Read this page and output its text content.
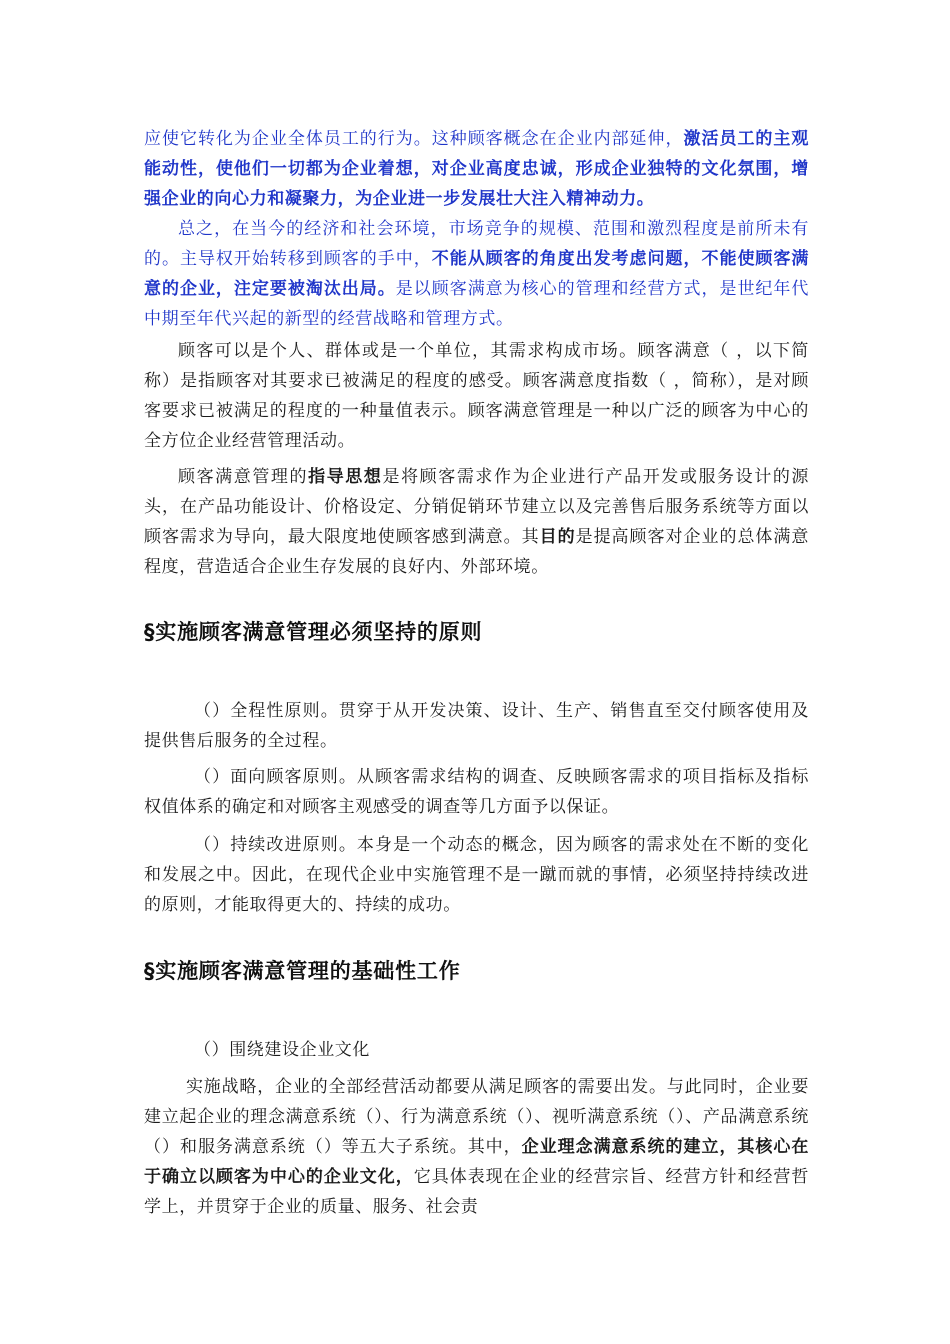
应使它转化为企业全体员工的行为。这种顾客概念在企业内部延伸，激活员工的主观能动性，使他们一切都为企业着想，对企业高度忠诚，形成企业独特的文化氛围，增强企业的向心力和凝聚力，为企业进一步发展壮大注入精神动力。

总之，在当今的经济和社会环境，市场竞争的规模、范围和激烈程度是前所未有的。主导权开始转移到顾客的手中，不能从顾客的角度出发考虑问题，不能使顾客满意的企业，注定要被淘汰出局。是以顾客满意为核心的管理和经营方式，是世纪年代中期至年代兴起的新型的经营战略和管理方式。

顾客可以是个人、群体或是一个单位，其需求构成市场。顾客满意（ ，以下简称）是指顾客对其要求已被满足的程度的感受。顾客满意度指数（ ，简称），是对顾客要求已被满足的程度的一种量值表示。顾客满意管理是一种以广泛的顾客为中心的全方位企业经营管理活动。

顾客满意管理的指导思想是将顾客需求作为企业进行产品开发或服务设计的源头，在产品功能设计、价格设定、分销促销环节建立以及完善售后服务系统等方面以顾客需求为导向，最大限度地使顾客感到满意。其目的是提高顾客对企业的总体满意程度，营造适合企业生存发展的良好内、外部环境。

§实施顾客满意管理必须坚持的原则

（）全程性原则。贯穿于从开发决策、设计、生产、销售直至交付顾客使用及提供售后服务的全过程。

（）面向顾客原则。从顾客需求结构的调查、反映顾客需求的项目指标及指标权值体系的确定和对顾客主观感受的调查等几方面予以保证。

（）持续改进原则。本身是一个动态的概念，因为顾客的需求处在不断的变化和发展之中。因此，在现代企业中实施管理不是一蹴而就的事情，必须坚持持续改进的原则，才能取得更大的、持续的成功。

§实施顾客满意管理的基础性工作

（）围绕建设企业文化

实施战略，企业的全部经营活动都要从满足顾客的需要出发。与此同时，企业要建立起企业的理念满意系统（）、行为满意系统（）、视听满意系统（）、产品满意系统（）和服务满意系统（）等五大子系统。其中，企业理念满意系统的建立，其核心在于确立以顾客为中心的企业文化，它具体表现在企业的经营宗旨、经营方针和经营哲学上，并贯穿于企业的质量、服务、社会责
